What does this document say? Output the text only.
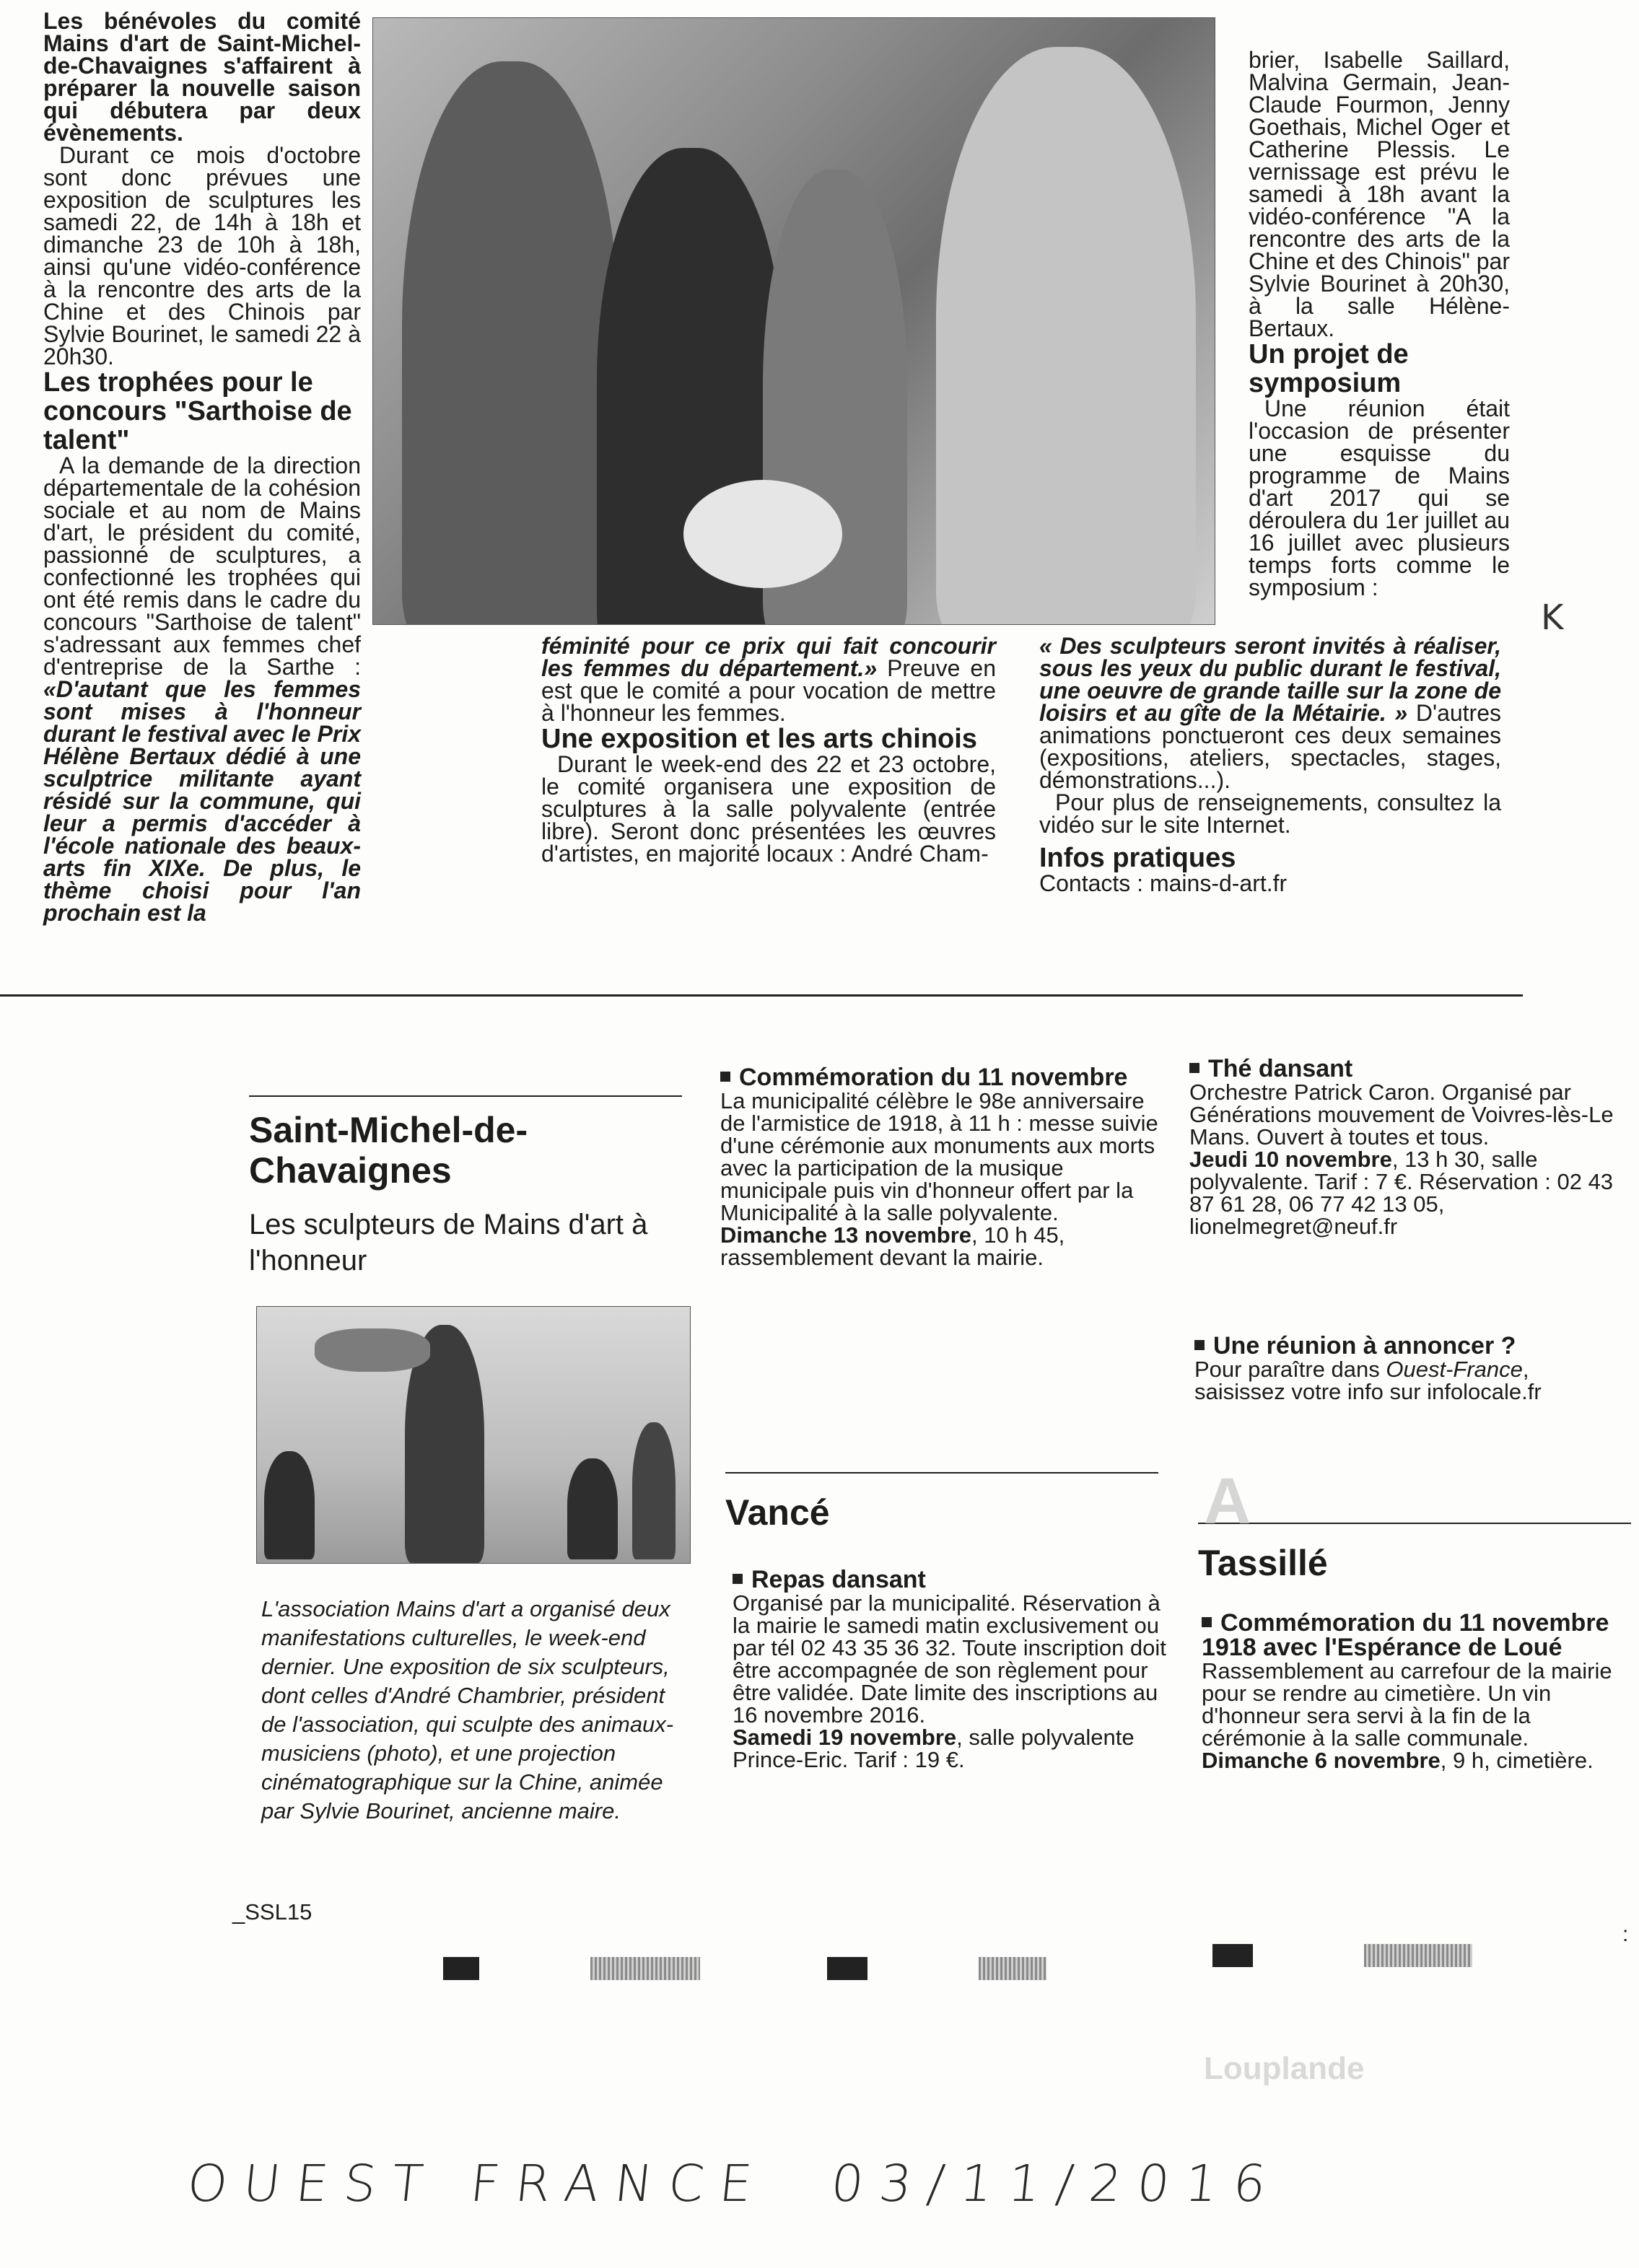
Les bénévoles du comité Mains d'art de Saint-Michel-de-Chavaignes s'affairent à préparer la nouvelle saison qui débutera par deux évènements.

Durant ce mois d'octobre sont donc prévues une exposition de sculptures les samedi 22, de 14h à 18h et dimanche 23 de 10h à 18h, ainsi qu'une vidéo-conférence à la rencontre des arts de la Chine et des Chinois par Sylvie Bourinet, le samedi 22 à 20h30.

Les trophées pour le concours "Sarthoise de talent"

A la demande de la direction départementale de la cohésion sociale et au nom de Mains d'art, le président du comité, passionné de sculptures, a confectionné les trophées qui ont été remis dans le cadre du concours "Sarthoise de talent" s'adressant aux femmes chef d'entreprise de la Sarthe : «D'autant que les femmes sont mises à l'honneur durant le festival avec le Prix Hélène Bertaux dédié à une sculptrice militante ayant résidé sur la commune, qui leur a permis d'accéder à l'école nationale des beaux-arts fin XIXe. De plus, le thème choisi pour l'an prochain est la

brier, Isabelle Saillard, Malvina Germain, Jean-Claude Fourmon, Jenny Goethais, Michel Oger et Catherine Plessis. Le vernissage est prévu le samedi à 18h avant la vidéo-conférence "A la rencontre des arts de la Chine et des Chinois" par Sylvie Bourinet à 20h30, à la salle Hélène-Bertaux.

Un projet de symposium

Une réunion était l'occasion de présenter une esquisse du programme de Mains d'art 2017 qui se déroulera du 1er juillet au 16 juillet avec plusieurs temps forts comme le symposium :

K

féminité pour ce prix qui fait concourir les femmes du département.» Preuve en est que le comité a pour vocation de mettre à l'honneur les femmes.

Une exposition et les arts chinois

Durant le week-end des 22 et 23 octobre, le comité organisera une exposition de sculptures à la salle polyvalente (entrée libre). Seront donc présentées les œuvres d'artistes, en majorité locaux : André Cham-

« Des sculpteurs seront invités à réaliser, sous les yeux du public durant le festival, une oeuvre de grande taille sur la zone de loisirs et au gîte de la Métairie. » D'autres animations ponctueront ces deux semaines (expositions, ateliers, spectacles, stages, démonstrations...).

Pour plus de renseignements, consultez la vidéo sur le site Internet.

Infos pratiques

Contacts : mains-d-art.fr

Saint-Michel-de-Chavaignes
Les sculpteurs de Mains d'art à l'honneur
L'association Mains d'art a organisé deux manifestations culturelles, le week-end dernier. Une exposition de six sculpteurs, dont celles d'André Chambrier, président de l'association, qui sculpte des animaux-musiciens (photo), et une projection cinématographique sur la Chine, animée par Sylvie Bourinet, ancienne maire.
_SSL15

Commémoration du 11 novembre

La municipalité célèbre le 98e anniversaire de l'armistice de 1918, à 11 h : messe suivie d'une cérémonie aux monuments aux morts avec la participation de la musique municipale puis vin d'honneur offert par la Municipalité à la salle polyvalente.

Dimanche 13 novembre, 10 h 45, rassemblement devant la mairie.

Vancé

Repas dansant

Organisé par la municipalité. Réservation à la mairie le samedi matin exclusivement ou par tél 02 43 35 36 32. Toute inscription doit être accompagnée de son règlement pour être validée. Date limite des inscriptions au 16 novembre 2016.

Samedi 19 novembre, salle polyvalente Prince-Eric. Tarif : 19 €.

Thé dansant

Orchestre Patrick Caron. Organisé par Générations mouvement de Voivres-lès-Le Mans. Ouvert à toutes et tous.

Jeudi 10 novembre, 13 h 30, salle polyvalente. Tarif : 7 €. Réservation : 02 43 87 61 28, 06 77 42 13 05, lionelmegret@neuf.fr

Une réunion à annoncer ?

Pour paraître dans Ouest-France, saisissez votre info sur infolocale.fr

Tassillé

Commémoration du 11 novembre 1918 avec l'Espérance de Loué

Rassemblement au carrefour de la mairie pour se rendre au cimetière. Un vin d'honneur sera servi à la fin de la cérémonie à la salle communale.

Dimanche 6 novembre, 9 h, cimetière.

A
Louplande
:
OUEST FRANCE  03/11/2016
